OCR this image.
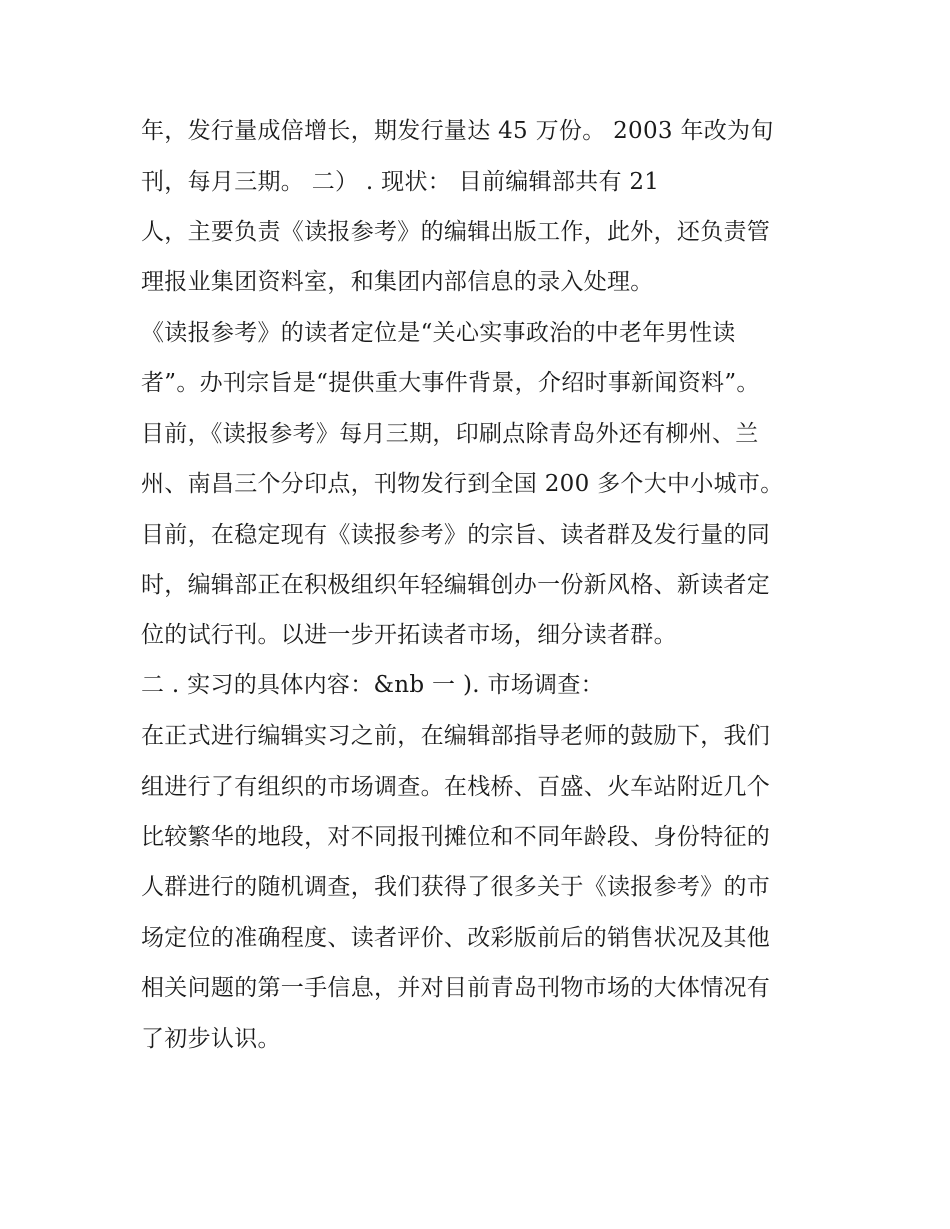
年，发行量成倍增长，期发行量达 45 万份。 2003 年改为旬
刊，每月三期。 二） . 现状： 目前编辑部共有 21
人，主要负责《读报参考》的编辑出版工作，此外，还负责管
理报业集团资料室，和集团内部信息的录入处理。
《读报参考》的读者定位是“关心实事政治的中老年男性读
者”。办刊宗旨是“提供重大事件背景，介绍时事新闻资料”。
目前，《读报参考》每月三期，印刷点除青岛外还有柳州、兰
州、南昌三个分印点，刊物发行到全国 200 多个大中小城市。
目前，在稳定现有《读报参考》的宗旨、读者群及发行量的同
时，编辑部正在积极组织年轻编辑创办一份新风格、新读者定
位的试行刊。以进一步开拓读者市场，细分读者群。
二 . 实习的具体内容：&nb 一 ). 市场调查：
在正式进行编辑实习之前，在编辑部指导老师的鼓励下，我们
组进行了有组织的市场调查。在栈桥、百盛、火车站附近几个
比较繁华的地段，对不同报刊摊位和不同年龄段、身份特征的
人群进行的随机调查，我们获得了很多关于《读报参考》的市
场定位的准确程度、读者评价、改彩版前后的销售状况及其他
相关问题的第一手信息，并对目前青岛刊物市场的大体情况有
了初步认识。
